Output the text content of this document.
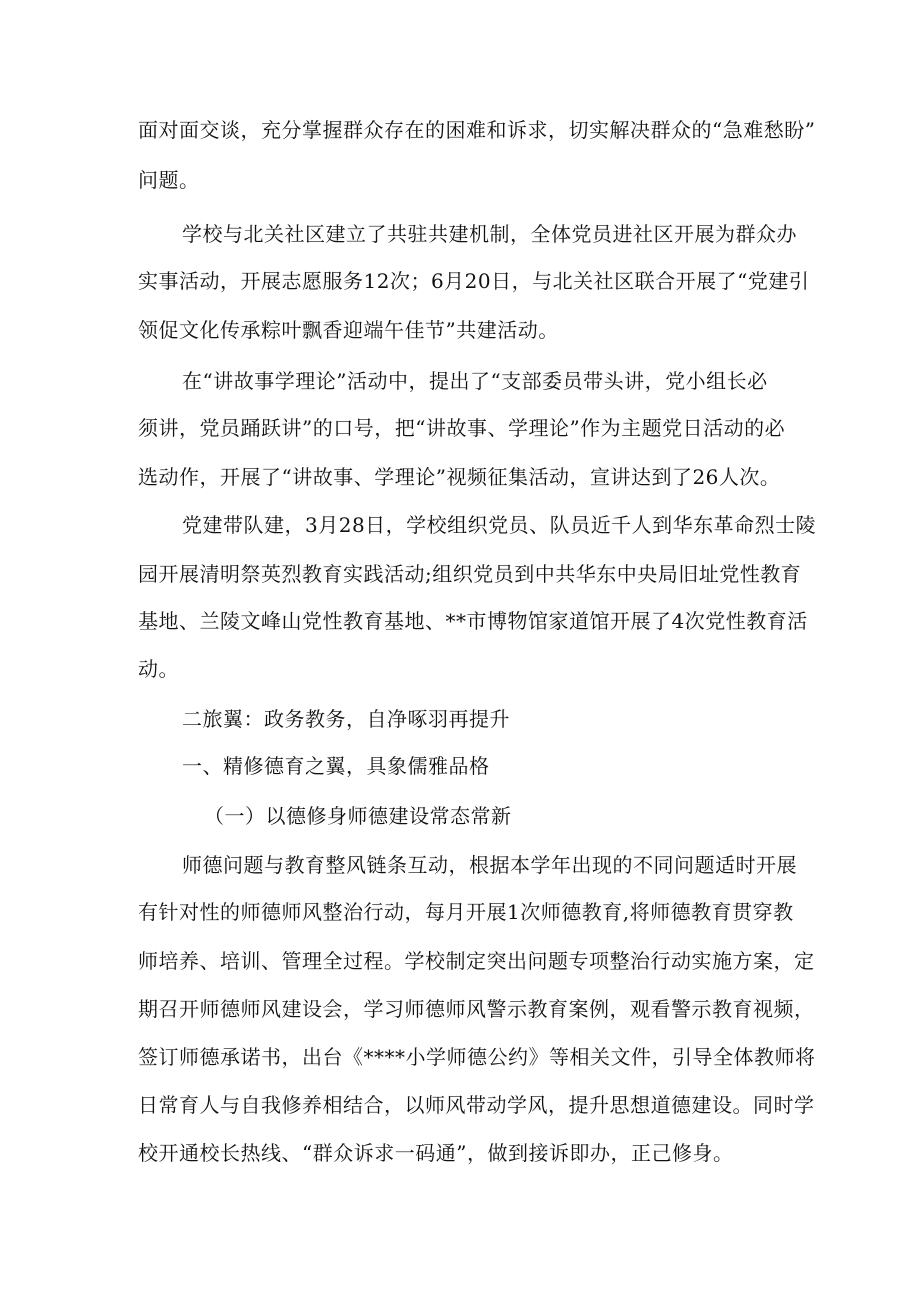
面对面交谈，充分掌握群众存在的困难和诉求，切实解决群众的“急难愁盼”

问题。

学校与北关社区建立了共驻共建机制，全体党员进社区开展为群众办

实事活动，开展志愿服务12次；6月20日，与北关社区联合开展了“党建引

领促文化传承粽叶飘香迎端午佳节”共建活动。

在“讲故事学理论”活动中，提出了“支部委员带头讲，党小组长必

须讲，党员踊跃讲”的口号，把“讲故事、学理论”作为主题党日活动的必

选动作，开展了“讲故事、学理论”视频征集活动，宣讲达到了26人次。

党建带队建，3月28日，学校组织党员、队员近千人到华东革命烈士陵

园开展清明祭英烈教育实践活动;组织党员到中共华东中央局旧址党性教育

基地、兰陵文峰山党性教育基地、**市博物馆家道馆开展了4次党性教育活

动。

二旅翼：政务教务，自净啄羽再提升

一、精修德育之翼，具象儒雅品格

（一）以德修身师德建设常态常新

师德问题与教育整风链条互动，根据本学年出现的不同问题适时开展

有针对性的师德师风整治行动，每月开展1次师德教育,将师德教育贯穿教

师培养、培训、管理全过程。学校制定突出问题专项整治行动实施方案，定

期召开师德师风建设会，学习师德师风警示教育案例，观看警示教育视频，

签订师德承诺书，出台《****小学师德公约》等相关文件，引导全体教师将

日常育人与自我修养相结合，以师风带动学风，提升思想道德建设。同时学

校开通校长热线、“群众诉求一码通”，做到接诉即办，正己修身。
